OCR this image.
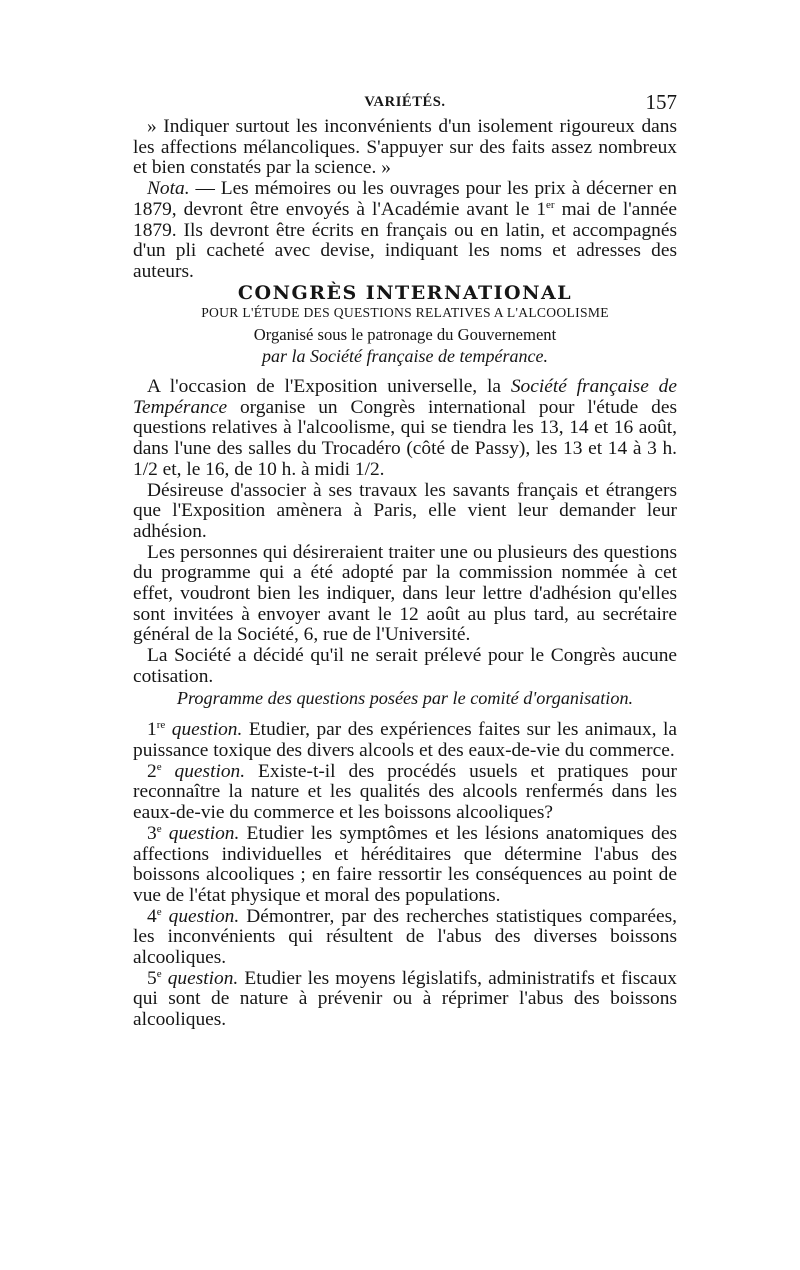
VARIÉTÉS.	157

» Indiquer surtout les inconvénients d'un isolement rigoureux dans les affections mélancoliques. S'appuyer sur des faits assez nombreux et bien constatés par la science. »

Nota. — Les mémoires ou les ouvrages pour les prix à décerner en 1879, devront être envoyés à l'Académie avant le 1er mai de l'année 1879. Ils devront être écrits en français ou en latin, et accompagnés d'un pli cacheté avec devise, indiquant les noms et adresses des auteurs.

CONGRÈS INTERNATIONAL

POUR L'ÉTUDE DES QUESTIONS RELATIVES A L'ALCOOLISME

Organisé sous le patronage du Gouvernement

par la Société française de tempérance.

A l'occasion de l'Exposition universelle, la Société française de Tempérance organise un Congrès international pour l'étude des questions relatives à l'alcoolisme, qui se tiendra les 13, 14 et 16 août, dans l'une des salles du Trocadéro (côté de Passy), les 13 et 14 à 3 h. 1/2 et, le 16, de 10 h. à midi 1/2.

Désireuse d'associer à ses travaux les savants français et étrangers que l'Exposition amènera à Paris, elle vient leur demander leur adhésion.

Les personnes qui désireraient traiter une ou plusieurs des questions du programme qui a été adopté par la commission nommée à cet effet, voudront bien les indiquer, dans leur lettre d'adhésion qu'elles sont invitées à envoyer avant le 12 août au plus tard, au secrétaire général de la Société, 6, rue de l'Université.

La Société a décidé qu'il ne serait prélevé pour le Congrès aucune cotisation.

Programme des questions posées par le comité d'organisation.

1re question. Etudier, par des expériences faites sur les animaux, la puissance toxique des divers alcools et des eaux-de-vie du commerce.

2e question. Existe-t-il des procédés usuels et pratiques pour reconnaître la nature et les qualités des alcools renfermés dans les eaux-de-vie du commerce et les boissons alcooliques?

3e question. Etudier les symptômes et les lésions anatomiques des affections individuelles et héréditaires que détermine l'abus des boissons alcooliques ; en faire ressortir les conséquences au point de vue de l'état physique et moral des populations.

4e question. Démontrer, par des recherches statistiques comparées, les inconvénients qui résultent de l'abus des diverses boissons alcooliques.

5e question. Etudier les moyens législatifs, administratifs et fiscaux qui sont de nature à prévenir ou à réprimer l'abus des boissons alcooliques.
